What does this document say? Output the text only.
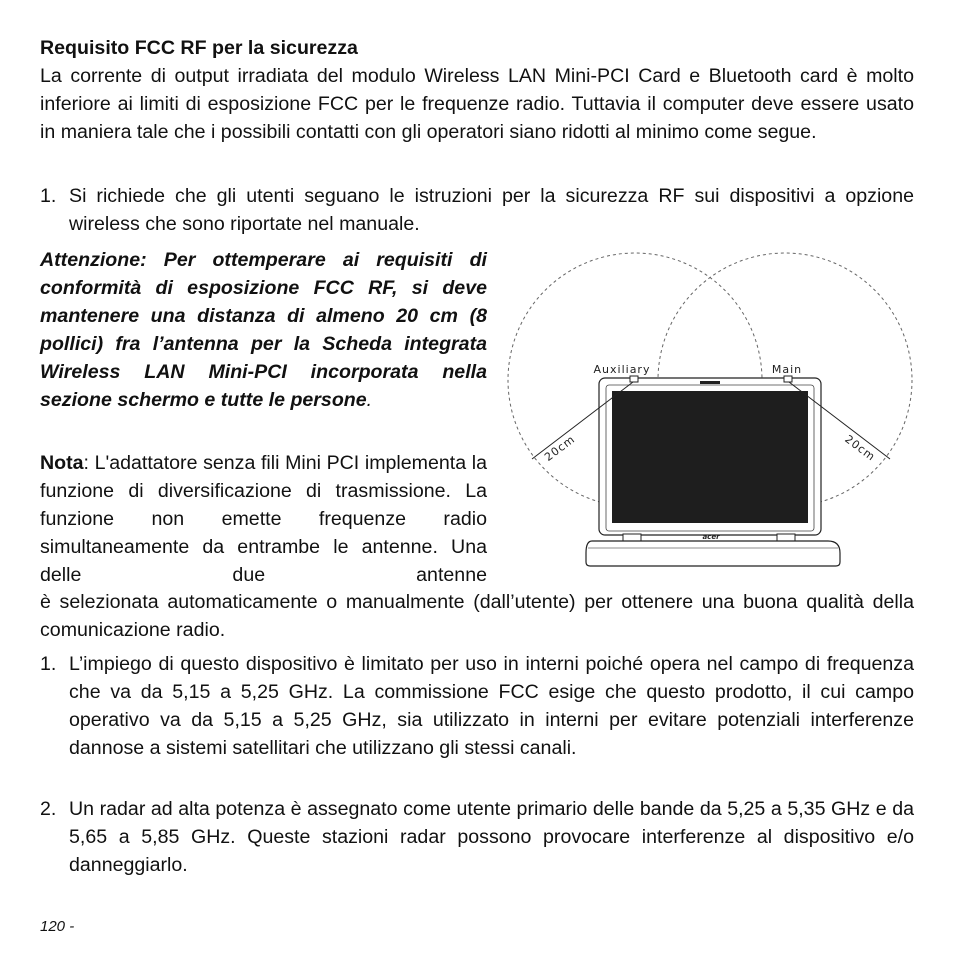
Requisito FCC RF per la sicurezza

La corrente di output irradiata del modulo Wireless LAN Mini-PCI Card e Bluetooth card è molto inferiore ai limiti di esposizione FCC per le frequenze radio. Tuttavia il computer deve essere usato in maniera tale che i possibili contatti con gli operatori siano ridotti al minimo come segue.

1. Si richiede che gli utenti seguano le istruzioni per la sicurezza RF sui dispositivi a opzione wireless che sono riportate nel manuale.
Attenzione: Per ottemperare ai requisiti di conformità di esposizione FCC RF, si deve mantenere una distanza di almeno 20 cm (8 pollici) fra l’antenna per la Scheda integrata Wireless LAN Mini-PCI incorporata nella sezione schermo e tutte le persone.
Nota: L'adattatore senza fili Mini PCI implementa la funzione di diversificazione di trasmissione. La funzione non emette frequenze radio simultaneamente da entrambe le antenne. Una delle due antenne

è selezionata automaticamente o manualmente (dall’utente) per ottenere una buona qualità della comunicazione radio.

1. L’impiego di questo dispositivo è limitato per uso in interni poiché opera nel campo di frequenza che va da 5,15 a 5,25 GHz. La commissione FCC esige che questo prodotto, il cui campo operativo va da 5,15 a 5,25 GHz, sia utilizzato in interni per evitare potenziali interferenze dannose a sistemi satellitari che utilizzano gli stessi canali.
2. Un radar ad alta potenza è assegnato come utente primario delle bande da 5,25 a 5,35 GHz e da 5,65 a 5,85 GHz. Queste stazioni radar possono provocare interferenze al dispositivo e/o danneggiarlo.
acer
Auxiliary	Main
20cm	20cm
120 -
